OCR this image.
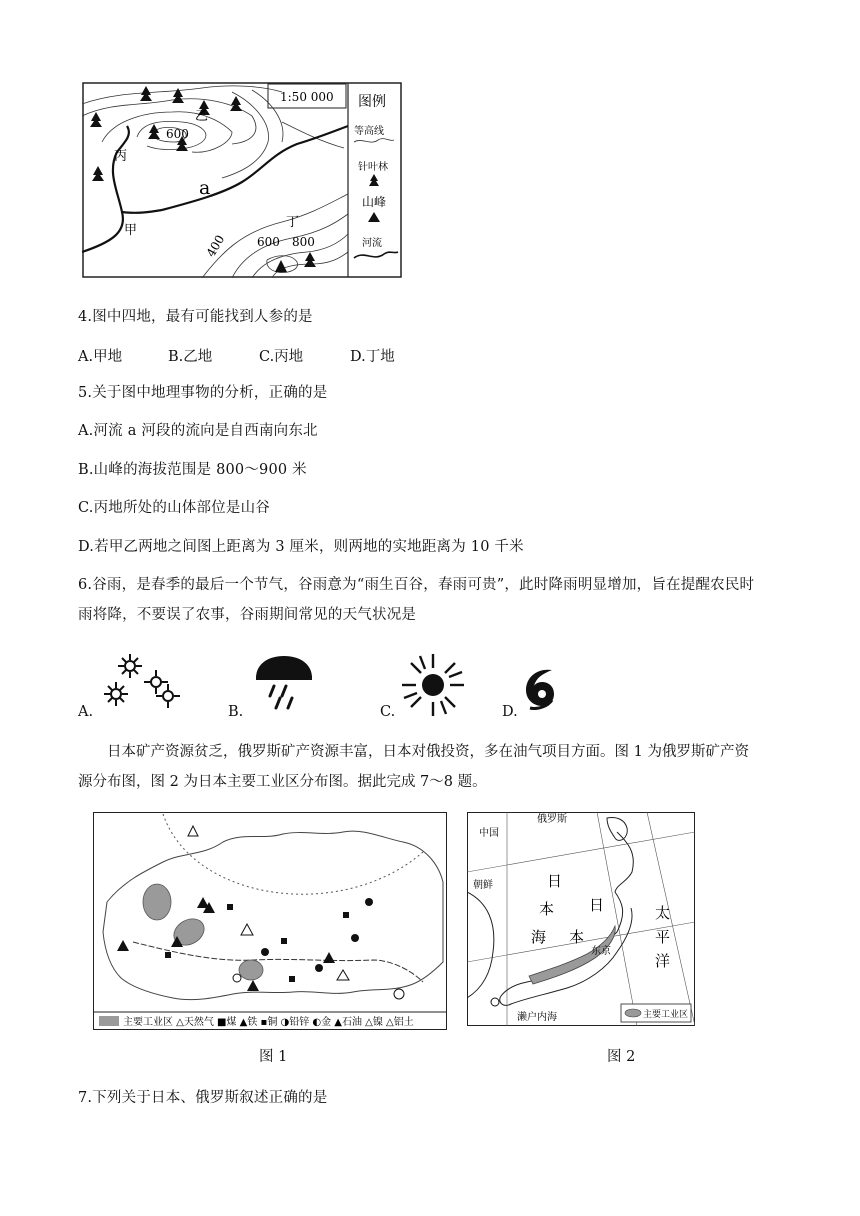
1:50 000
乙
丙
甲
丁
a
600
400 600 800
图例
等高线
针叶林
山峰
河流
4.图中四地，最有可能找到人参的是
A.甲地	B.乙地	C.丙地	D.丁地
5.关于图中地理事物的分析，正确的是
A.河流 a 河段的流向是自西南向东北
B.山峰的海拔范围是 800～900 米
C.丙地所处的山体部位是山谷
D.若甲乙两地之间图上距离为 3 厘米，则两地的实地距离为 10 千米
6.谷雨，是春季的最后一个节气，谷雨意为“雨生百谷，春雨可贵”，此时降雨明显增加，旨在提醒农民时
雨将降，不要误了农事，谷雨期间常见的天气状况是
A.	B.	C.	D.
日本矿产资源贫乏，俄罗斯矿产资源丰富，日本对俄投资，多在油气项目方面。图 1 为俄罗斯矿产资
源分布图，图 2 为日本主要工业区分布图。据此完成 7～8 题。
主要工业区 △天然气 ■煤 ▲铁 ▪铜 ◑铅锌 ◐金 ▲石油 △镍 △铝土
图 1
中国
俄罗斯
朝鲜	日
本
海
日
本
东京
太
平
洋
濑户内海	主要工业区
图 2
7.下列关于日本、俄罗斯叙述正确的是
